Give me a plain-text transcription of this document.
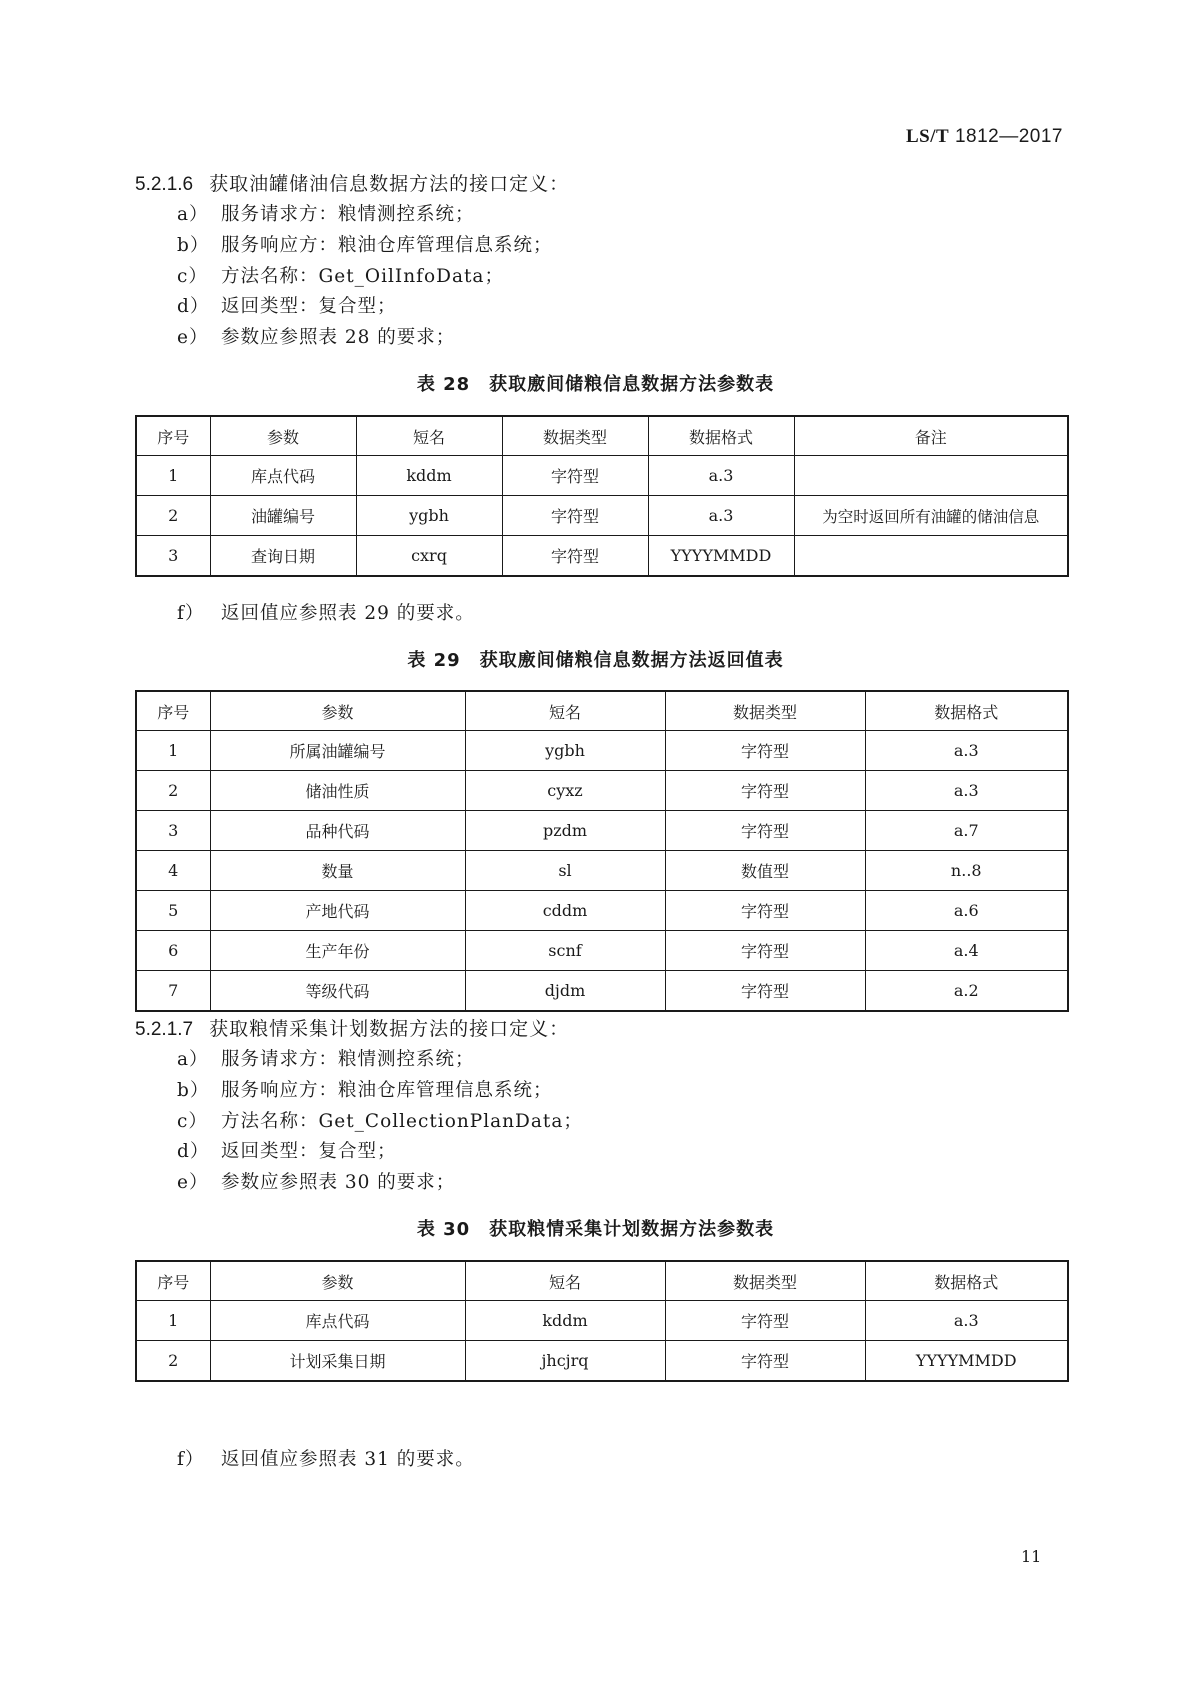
LS/T 1812—2017
5.2.1.6 获取油罐储油信息数据方法的接口定义：
a） 服务请求方：粮情测控系统；
b） 服务响应方：粮油仓库管理信息系统；
c） 方法名称：Get_OilInfoData；
d） 返回类型：复合型；
e） 参数应参照表 28 的要求；
表 28　获取廒间储粮信息数据方法参数表
序号	参数	短名	数据类型	数据格式	备注
1	库点代码	kddm	字符型	a.3	
2	油罐编号	ygbh	字符型	a.3	为空时返回所有油罐的储油信息
3	查询日期	cxrq	字符型	YYYYMMDD	
f） 返回值应参照表 29 的要求。
表 29　获取廒间储粮信息数据方法返回值表
序号	参数	短名	数据类型	数据格式
1	所属油罐编号	ygbh	字符型	a.3
2	储油性质	cyxz	字符型	a.3
3	品种代码	pzdm	字符型	a.7
4	数量	sl	数值型	n..8
5	产地代码	cddm	字符型	a.6
6	生产年份	scnf	字符型	a.4
7	等级代码	djdm	字符型	a.2
5.2.1.7 获取粮情采集计划数据方法的接口定义：
a） 服务请求方：粮情测控系统；
b） 服务响应方：粮油仓库管理信息系统；
c） 方法名称：Get_CollectionPlanData；
d） 返回类型：复合型；
e） 参数应参照表 30 的要求；
表 30　获取粮情采集计划数据方法参数表
序号	参数	短名	数据类型	数据格式
1	库点代码	kddm	字符型	a.3
2	计划采集日期	jhcjrq	字符型	YYYYMMDD
f） 返回值应参照表 31 的要求。
11
